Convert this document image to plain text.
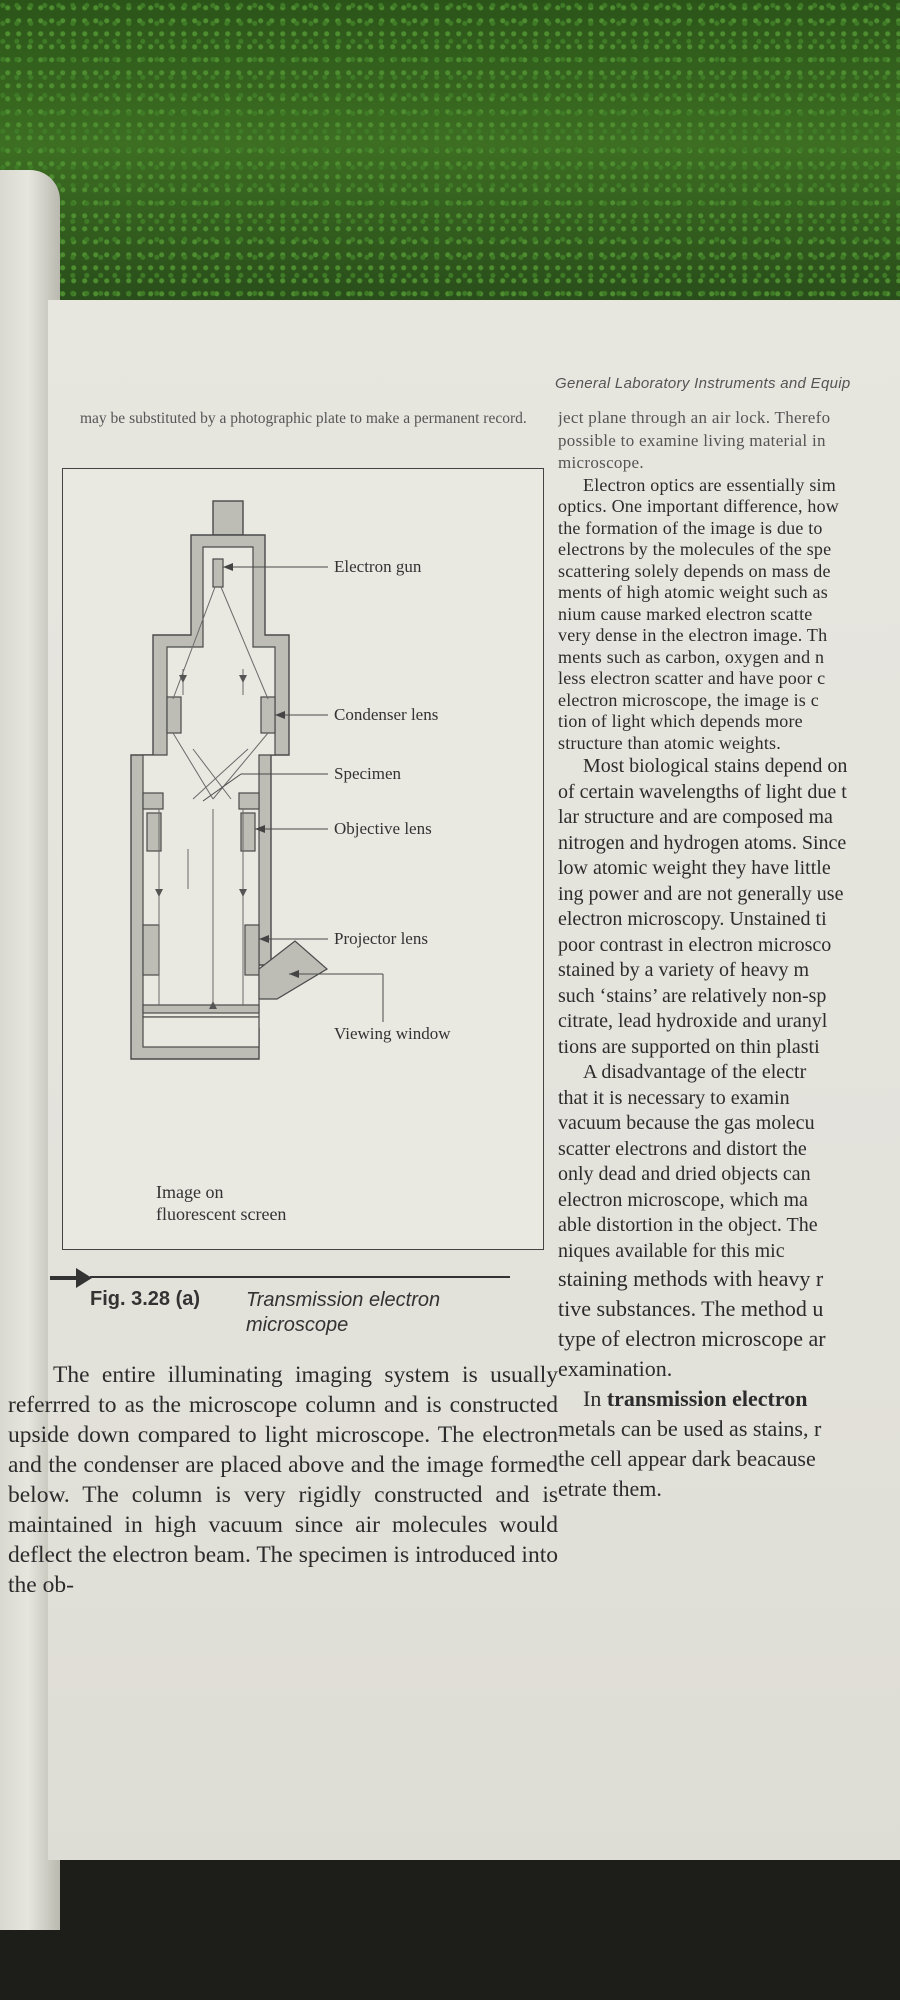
General Laboratory Instruments and Equip
may be substituted by a photographic plate to make a permanent record.
Electron gun
Condenser lens
Specimen
Objective lens
Projector lens
Viewing window
Image on
fluorescent screen
Fig. 3.28 (a) Transmission electron
microscope

The entire illuminating imaging system is usually referrred to as the microscope column and is constructed upside down compared to light microscope. The electron and the condenser are placed above and the image formed below. The column is very rigidly constructed and is maintained in high vacuum since air molecules would deflect the electron beam. The specimen is introduced into the ob-

ject plane through an air lock. Therefo
possible to examine living material in
microscope.
Electron optics are essentially sim
optics. One important difference, how
the formation of the image is due to
electrons by the molecules of the spe
scattering solely depends on mass de
ments of high atomic weight such as
nium cause marked electron scatte
very dense in the electron image. Th
ments such as carbon, oxygen and n
less electron scatter and have poor c
electron microscope, the image is c
tion of light which depends more
structure than atomic weights.
Most biological stains depend on
of certain wavelengths of light due t
lar structure and are composed ma
nitrogen and hydrogen atoms. Since
low atomic weight they have little
ing power and are not generally use
electron microscopy. Unstained ti
poor contrast in electron microsco
stained by a variety of heavy m
such ‘stains’ are relatively non-sp
citrate, lead hydroxide and uranyl
tions are supported on thin plasti
A disadvantage of the electr
that it is necessary to examin
vacuum because the gas molecu
scatter electrons and distort the
only dead and dried objects can
electron microscope, which ma
able distortion in the object. The
niques available for this mic
staining methods with heavy r
tive substances. The method u
type of electron microscope ar
examination.
In transmission electron
metals can be used as stains, r
the cell appear dark beacause
etrate them.
